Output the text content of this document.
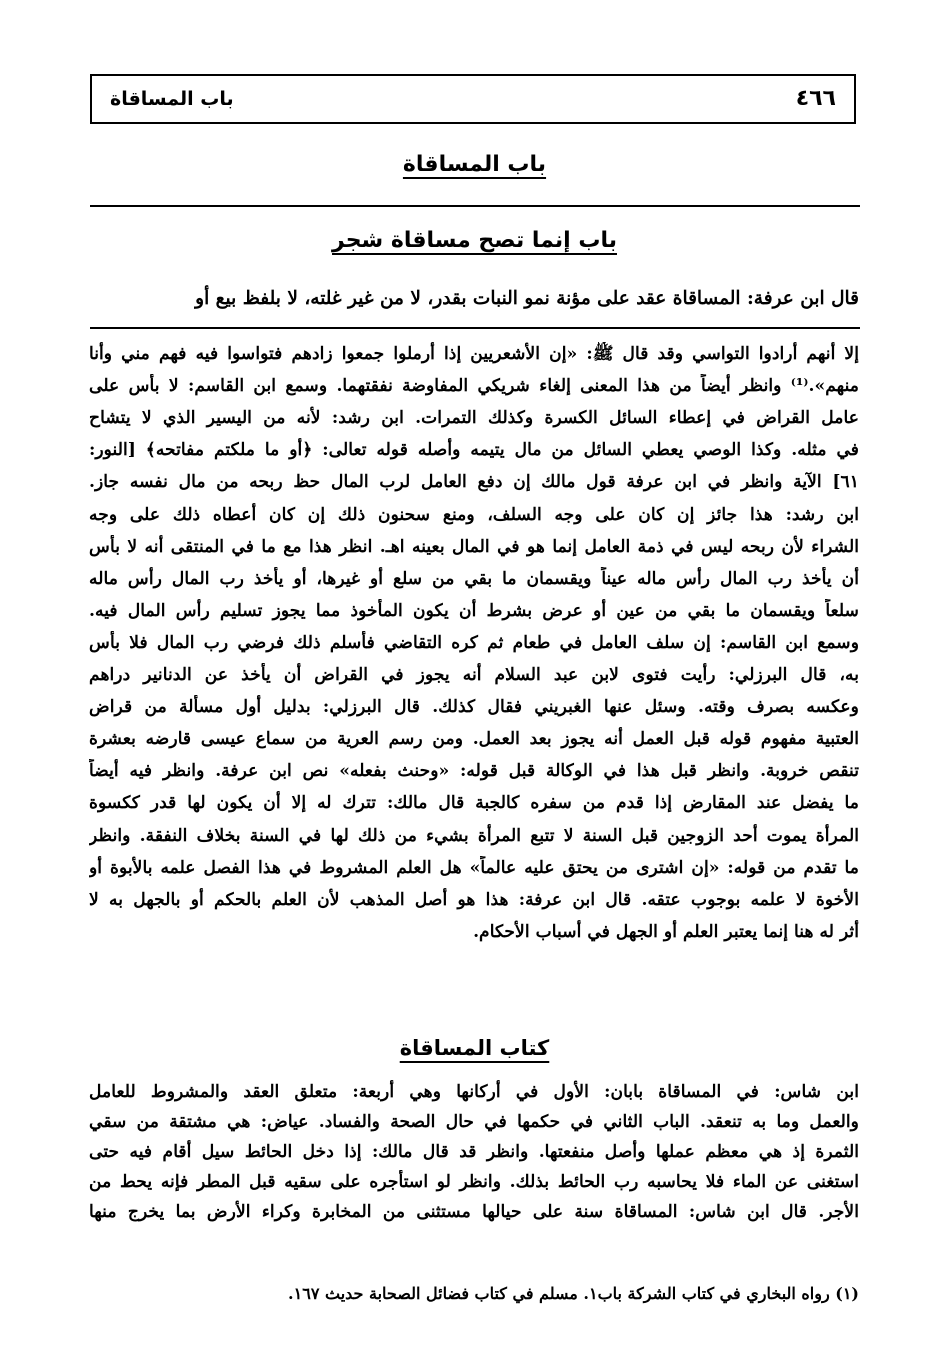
٤٦٦
باب المساقاة
باب المساقاة
باب إنما تصح مساقاة شجر
قال ابن عرفة: المساقاة عقد على مؤنة نمو النبات بقدر، لا من غير غلته، لا بلفظ بيع أو
إلا أنهم أرادوا التواسي وقد قال ﷺ: «إن الأشعريين إذا أرملوا جمعوا زادهم فتواسوا فيه فهم مني وأنا
منهم».⁽¹⁾ وانظر أيضاً من هذا المعنى إلغاء شريكي المفاوضة نفقتهما. وسمع ابن القاسم: لا بأس على
عامل القراض في إعطاء السائل الكسرة وكذلك التمرات. ابن رشد: لأنه من اليسير الذي لا يتشاح
في مثله. وكذا الوصي يعطي السائل من مال يتيمه وأصله قوله تعالى: ﴿أو ما ملكتم مفاتحه﴾ [النور:
٦١] الآية وانظر في ابن عرفة قول مالك إن دفع العامل لرب المال حظ ربحه من مال نفسه جاز.
ابن رشد: هذا جائز إن كان على وجه السلف، ومنع سحنون ذلك إن كان أعطاه ذلك على وجه
الشراء لأن ربحه ليس في ذمة العامل إنما هو في المال بعينه اهـ. انظر هذا مع ما في المنتقى أنه لا بأس
أن يأخذ رب المال رأس ماله عيناً ويقسمان ما بقي من سلع أو غيرها، أو يأخذ رب المال رأس ماله
سلعاً ويقسمان ما بقي من عين أو عرض بشرط أن يكون المأخوذ مما يجوز تسليم رأس المال فيه.
وسمع ابن القاسم: إن سلف العامل في طعام ثم كره التقاضي فأسلم ذلك فرضي رب المال فلا بأس
به، قال البرزلي: رأيت فتوى لابن عبد السلام أنه يجوز في القراض أن يأخذ عن الدنانير دراهم
وعكسه بصرف وقته. وسئل عنها الغبريني فقال كذلك. قال البرزلي: بدليل أول مسألة من قراض
العتبية مفهوم قوله قبل العمل أنه يجوز بعد العمل. ومن رسم العرية من سماع عيسى قارضه بعشرة
تنقص خروبة. وانظر قبل هذا في الوكالة قبل قوله: «وحنث بفعله» نص ابن عرفة. وانظر فيه أيضاً
ما يفضل عند المقارض إذا قدم من سفره كالجبة قال مالك: تترك له إلا أن يكون لها قدر ككسوة
المرأة يموت أحد الزوجين قبل السنة لا تتبع المرأة بشيء من ذلك لها في السنة بخلاف النفقة. وانظر
ما تقدم من قوله: «إن اشترى من يحتق عليه عالماً» هل العلم المشروط في هذا الفصل علمه بالأبوة أو
الأخوة لا علمه بوجوب عتقه. قال ابن عرفة: هذا هو أصل المذهب لأن العلم بالحكم أو بالجهل به لا
أثر له هنا إنما يعتبر العلم أو الجهل في أسباب الأحكام.
كتاب المساقاة
ابن شاس: في المساقاة بابان: الأول في أركانها وهي أربعة: متعلق العقد والمشروط للعامل
والعمل وما به تنعقد. الباب الثاني في حكمها في حال الصحة والفساد. عياض: هي مشتقة من سقي
الثمرة إذ هي معظم عملها وأصل منفعتها. وانظر قد قال مالك: إذا دخل الحائط سيل أقام فيه حتى
استغنى عن الماء فلا يحاسبه رب الحائط بذلك. وانظر لو استأجره على سقيه قبل المطر فإنه يحط من
الأجر. قال ابن شاس: المساقاة سنة على حيالها مستثنى من المخابرة وكراء الأرض بما يخرج منها
(١) رواه البخاري في كتاب الشركة باب١. مسلم في كتاب فضائل الصحابة حديث ١٦٧.
